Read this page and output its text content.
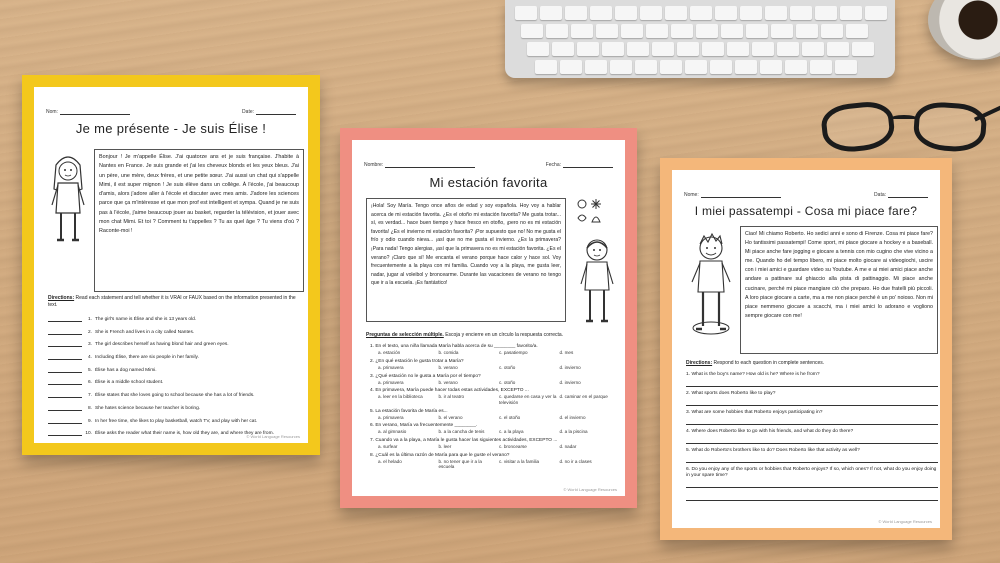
Nom:	Date:
Je me présente - Je suis Élise !
Bonjour ! Je m'appelle Élise. J'ai quatorze ans et je suis française. J'habite à Nantes en France. Je suis grande et j'ai les cheveux blonds et les yeux bleus. J'ai un père, une mère, deux frères, et une petite sœur. J'ai aussi un chat qui s'appelle Mimi, il est super mignon ! Je suis élève dans un collège. À l'école, j'ai beaucoup d'amis, alors j'adore aller à l'école et discuter avec mes amis. J'adore les sciences parce que ça m'intéresse et que mon prof est intelligent et sympa. Quand je ne suis pas à l'école, j'aime beaucoup jouer au basket, regarder la télévision, et jouer avec mon chat Mimi. Et toi ? Comment tu t'appelles ? Tu as quel âge ? Tu viens d'où ? Raconte-moi !
Directions: Read each statement and tell whether it is VRAI or FAUX based on the information presented in the text.
1. The girl's name is Élise and she is 13 years old.
2. She is French and lives in a city called Nantes.
3. The girl describes herself as having blond hair and green eyes.
4. Including Élise, there are six people in her family.
5. Élise has a dog named Mimi.
6. Élise is a middle school student.
7. Élise states that she loves going to school because she has a lot of friends.
8. She hates science because her teacher is boring.
9. In her free time, she likes to play basketball, watch TV, and play with her cat.
10. Élise asks the reader what their name is, how old they are, and where they are from.
© World Language Resources
Nombre:	Fecha:
Mi estación favorita
¡Hola! Soy María. Tengo once años de edad y soy española. Hoy voy a hablar acerca de mi estación favorita. ¿Es el otoño mi estación favorita? Me gusta trotar... sí, es verdad... hace buen tiempo y hace fresco en otoño, ¡pero no es mi estación favorita! ¿Es el invierno mi estación favorita? ¡Por supuesto que no! No me gusta el frío y odio cuando nieva... ¡así que no me gusta el invierno. ¿Es la primavera? ¡Para nada! Tengo alergias, ¡así que la primavera no es mi estación favorita. ¿Es el verano? ¡Claro que sí! Me encanta el verano porque hace calor y hace sol. Voy frecuentemente a la playa con mi familia. Cuando voy a la playa, me gusta leer, nadar, jugar al voleibol y broncearme. Durante las vacaciones de verano no tengo que ir a la escuela. ¡Es fantástico!
Preguntas de selección múltiple. Escoja y encierre en un círculo la respuesta correcta.
1. En el texto, una niña llamada María habla acerca de su ________ favorito/a.
a. estación	b. comida	c. pasatiempo	d. mes
2. ¿En qué estación le gusta trotar a María?
a. primavera	b. verano	c. otoño	d. invierno
3. ¿Qué estación no le gusta a María por el tiempo?
a. primavera	b. verano	c. otoño	d. invierno
4. En primavera, María puede hacer todas estas actividades, EXCEPTO ...
a. leer en la biblioteca	b. ir al teatro	c. quedarse en casa y ver la televisión
d. caminar en el parque
5. La estación favorita de María es...
a. primavera	b. el verano	c. el otoño	d. el invierno
6. En verano, María va frecuentemente ________.
a. al gimnasio	b. a la cancha de tenis	c. a la playa	d. a la piscina
7. Cuando va a la playa, a María le gusta hacer las siguientes actividades, EXCEPTO ...
a. surfear	b. leer	c. broncearse	d. nadar
8. ¿Cuál es la última razón de María para que le guste el verano?
a. el helado	b. no tener que ir a la escuela
c. visitar a la familia	d. no ir a clases
© World Language Resources
Nome:	Data:
I miei passatempi - Cosa mi piace fare?
Ciao! Mi chiamo Roberto. Ho sedici anni e sono di Firenze. Cosa mi piace fare? Ho tantissimi passatempi! Come sport, mi piace giocare a hockey e a baseball. Mi piace anche fare jogging e giocare a tennis con mio cugino che vive vicino a me. Quando ho del tempo libero, mi piace molto giocare ai videogiochi, uscire con i miei amici e guardare video su Youtube. A me e ai miei amici piace anche andare a pattinare sul ghiaccio alla pista di pattinaggio. Mi piace anche cucinare, perché mi piace mangiare ciò che preparo. Ho due fratelli più piccoli. A loro piace giocare a carte, ma a me non piace perché è un po' noioso. Non mi piace nemmeno giocare a scacchi, ma i miei amici lo adorano e vogliono sempre giocare con me!
Directions: Respond to each question in complete sentences.
1. What is the boy's name? How old is he? Where is he from?
2. What sports does Roberto like to play?
3. What are some hobbies that Roberto enjoys participating in?
4. Where does Roberto like to go with his friends, and what do they do there?
5. What do Roberto's brothers like to do? Does Roberto like that activity as well?
6. Do you enjoy any of the sports or hobbies that Roberto enjoys? If so, which ones? If not, what do you enjoy doing in your spare time?
© World Language Resources
